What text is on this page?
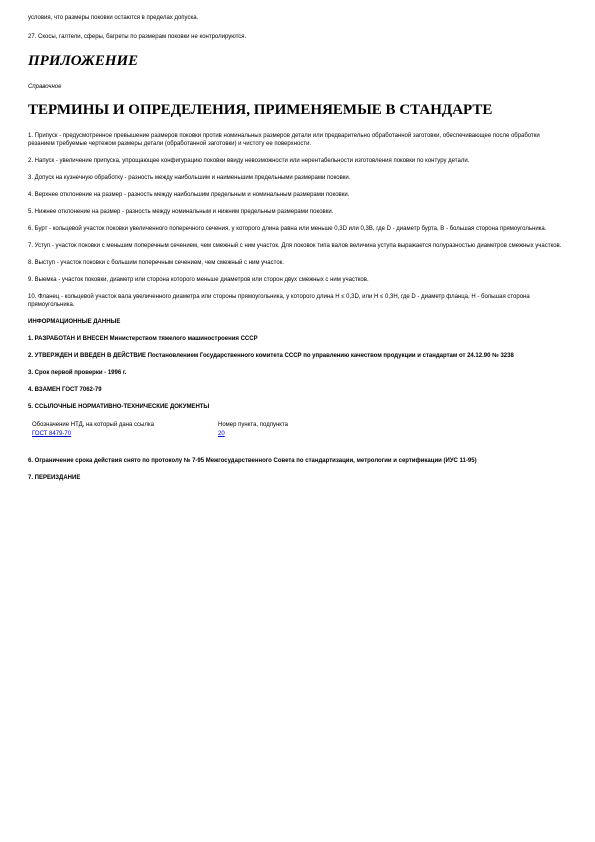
условия, что размеры поковки остаются в пределах допуска.

27. Скосы, галтели, сферы, багреты по размерам поковки не контролируются.

ПРИЛОЖЕНИЕ

Справочное

ТЕРМИНЫ И ОПРЕДЕЛЕНИЯ, ПРИМЕНЯЕМЫЕ В СТАНДАРТЕ

1. Припуск - предусмотренное превышение размеров поковки против номинальных размеров детали или предварительно обработанной заготовки, обеспечивающее после обработки резанием требуемые чертежом размеры детали (обработанной заготовки) и чистоту ее поверхности.

2. Напуск - увеличение припуска, упрощающее конфигурацию поковки ввиду невозможности или нерентабельности изготовления поковки по контуру детали.

3. Допуск на кузнечную обработку - разность между наибольшим и наименьшим предельными размерами поковки.

4. Верхнее отклонение на размер - разность между наибольшим предельным и номинальным размерами поковки.

5. Нижнее отклонение на размер - разность между номинальным и нижним предельным размерами поковки.

6. Бурт - кольцевой участок поковки увеличенного поперечного сечения, у которого длина равна или меньше 0,3D или 0,3B, где D - диаметр бурта, B - большая сторона прямоугольника.

7. Уступ - участок поковки с меньшим поперечным сечением, чем смежный с ним участок. Для поковок типа валов величина уступа выражается полуразностью диаметров смежных участков.

8. Выступ - участок поковки с большим поперечным сечением, чем смежный с ним участок.

9. Выемка - участок поковки, диаметр или сторона которого меньше диаметров или сторон двух смежных с ним участков.

10. Фланец - кольцевой участок вала увеличенного диаметра или стороны прямоугольника, у которого длина H ≤ 0,3D, или H ≤ 0,3H, где D - диаметр фланца, H - большая сторона прямоугольника.

ИНФОРМАЦИОННЫЕ ДАННЫЕ

1. РАЗРАБОТАН И ВНЕСЕН Министерством тяжелого машиностроения СССР

2. УТВЕРЖДЕН И ВВЕДЕН В ДЕЙСТВИЕ Постановлением Государственного комитета СССР по управлению качеством продукции и стандартам от 24.12.90 № 3238

3. Срок первой проверки - 1996 г.

4. ВЗАМЕН ГОСТ 7062-79

5. ССЫЛОЧНЫЕ НОРМАТИВНО-ТЕХНИЧЕСКИЕ ДОКУМЕНТЫ

Обозначение НТД, на который дана ссылка	Номер пункта, подпункта
ГОСТ 8479-70	20

6. Ограничение срока действия снято по протоколу № 7-95 Межгосударственного Совета по стандартизации, метрологии и сертификации (ИУС 11-95)

7. ПЕРЕИЗДАНИЕ
